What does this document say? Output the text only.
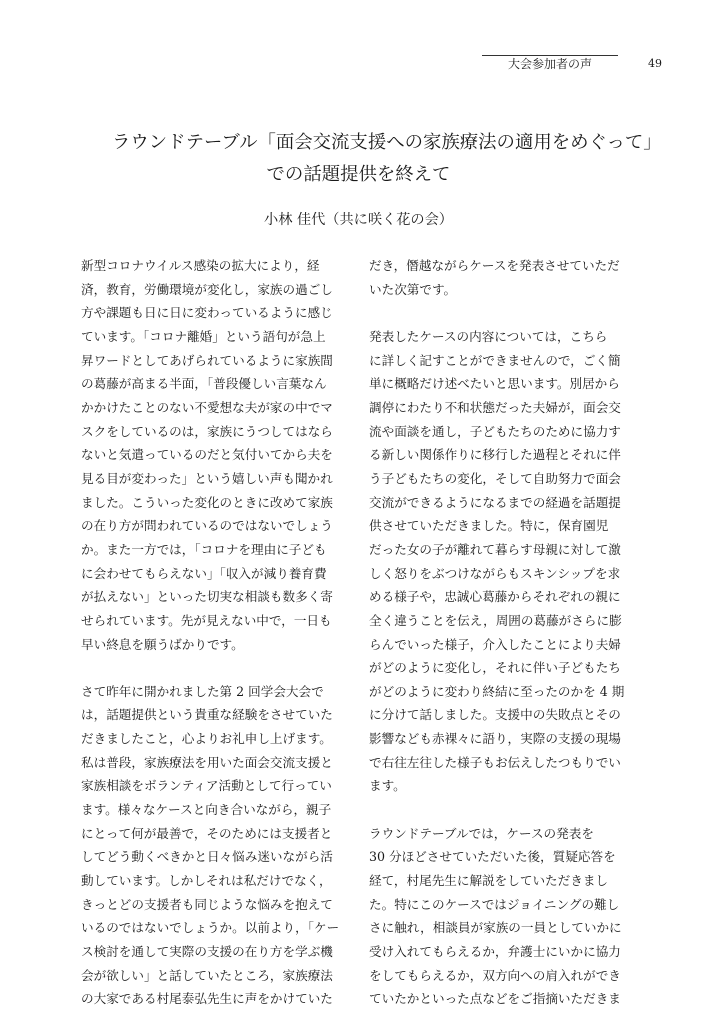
大会参加者の声	49
ラウンドテーブル「面会交流支援への家族療法の適用をめぐって」
での話題提供を終えて
小林 佳代（共に咲く花の会）
新型コロナウイルス感染の拡大により，経
済，教育，労働環境が変化し，家族の過ごし
方や課題も日に日に変わっているように感じ
ています。「コロナ離婚」という語句が急上
昇ワードとしてあげられているように家族間
の葛藤が高まる半面，「普段優しい言葉なん
かかけたことのない不愛想な夫が家の中でマ
スクをしているのは，家族にうつしてはなら
ないと気遣っているのだと気付いてから夫を
見る目が変わった」という嬉しい声も聞かれ
ました。こういった変化のときに改めて家族
の在り方が問われているのではないでしょう
か。また一方では，「コロナを理由に子ども
に会わせてもらえない」「収入が減り養育費
が払えない」といった切実な相談も数多く寄
せられています。先が見えない中で，一日も
早い終息を願うばかりです。
さて昨年に開かれました第 2 回学会大会で
は，話題提供という貴重な経験をさせていた
だきましたこと，心よりお礼申し上げます。
私は普段，家族療法を用いた面会交流支援と
家族相談をボランティア活動として行ってい
ます。様々なケースと向き合いながら，親子
にとって何が最善で，そのためには支援者と
してどう動くべきかと日々悩み迷いながら活
動しています。しかしそれは私だけでなく，
きっとどの支援者も同じような悩みを抱えて
いるのではないでしょうか。以前より，「ケー
ス検討を通して実際の支援の在り方を学ぶ機
会が欲しい」と話していたところ，家族療法
の大家である村尾泰弘先生に声をかけていた
だき，僭越ながらケースを発表させていただ
いた次第です。
発表したケースの内容については，こちら
に詳しく記すことができませんので，ごく簡
単に概略だけ述べたいと思います。別居から
調停にわたり不和状態だった夫婦が，面会交
流や面談を通し，子どもたちのために協力す
る新しい関係作りに移行した過程とそれに伴
う子どもたちの変化，そして自助努力で面会
交流ができるようになるまでの経過を話題提
供させていただきました。特に，保育園児
だった女の子が離れて暮らす母親に対して激
しく怒りをぶつけながらもスキンシップを求
める様子や，忠誠心葛藤からそれぞれの親に
全く違うことを伝え，周囲の葛藤がさらに膨
らんでいった様子，介入したことにより夫婦
がどのように変化し，それに伴い子どもたち
がどのように変わり終結に至ったのかを 4 期
に分けて話しました。支援中の失敗点とその
影響なども赤裸々に語り，実際の支援の現場
で右往左往した様子もお伝えしたつもりでい
ます。
ラウンドテーブルでは，ケースの発表を
30 分ほどさせていただいた後，質疑応答を
経て，村尾先生に解説をしていただきまし
た。特にこのケースではジョイニングの難し
さに触れ，相談員が家族の一員としていかに
受け入れてもらえるか，弁護士にいかに協力
をしてもらえるか，双方向への肩入れができ
ていたかといった点などをご指摘いただきま
